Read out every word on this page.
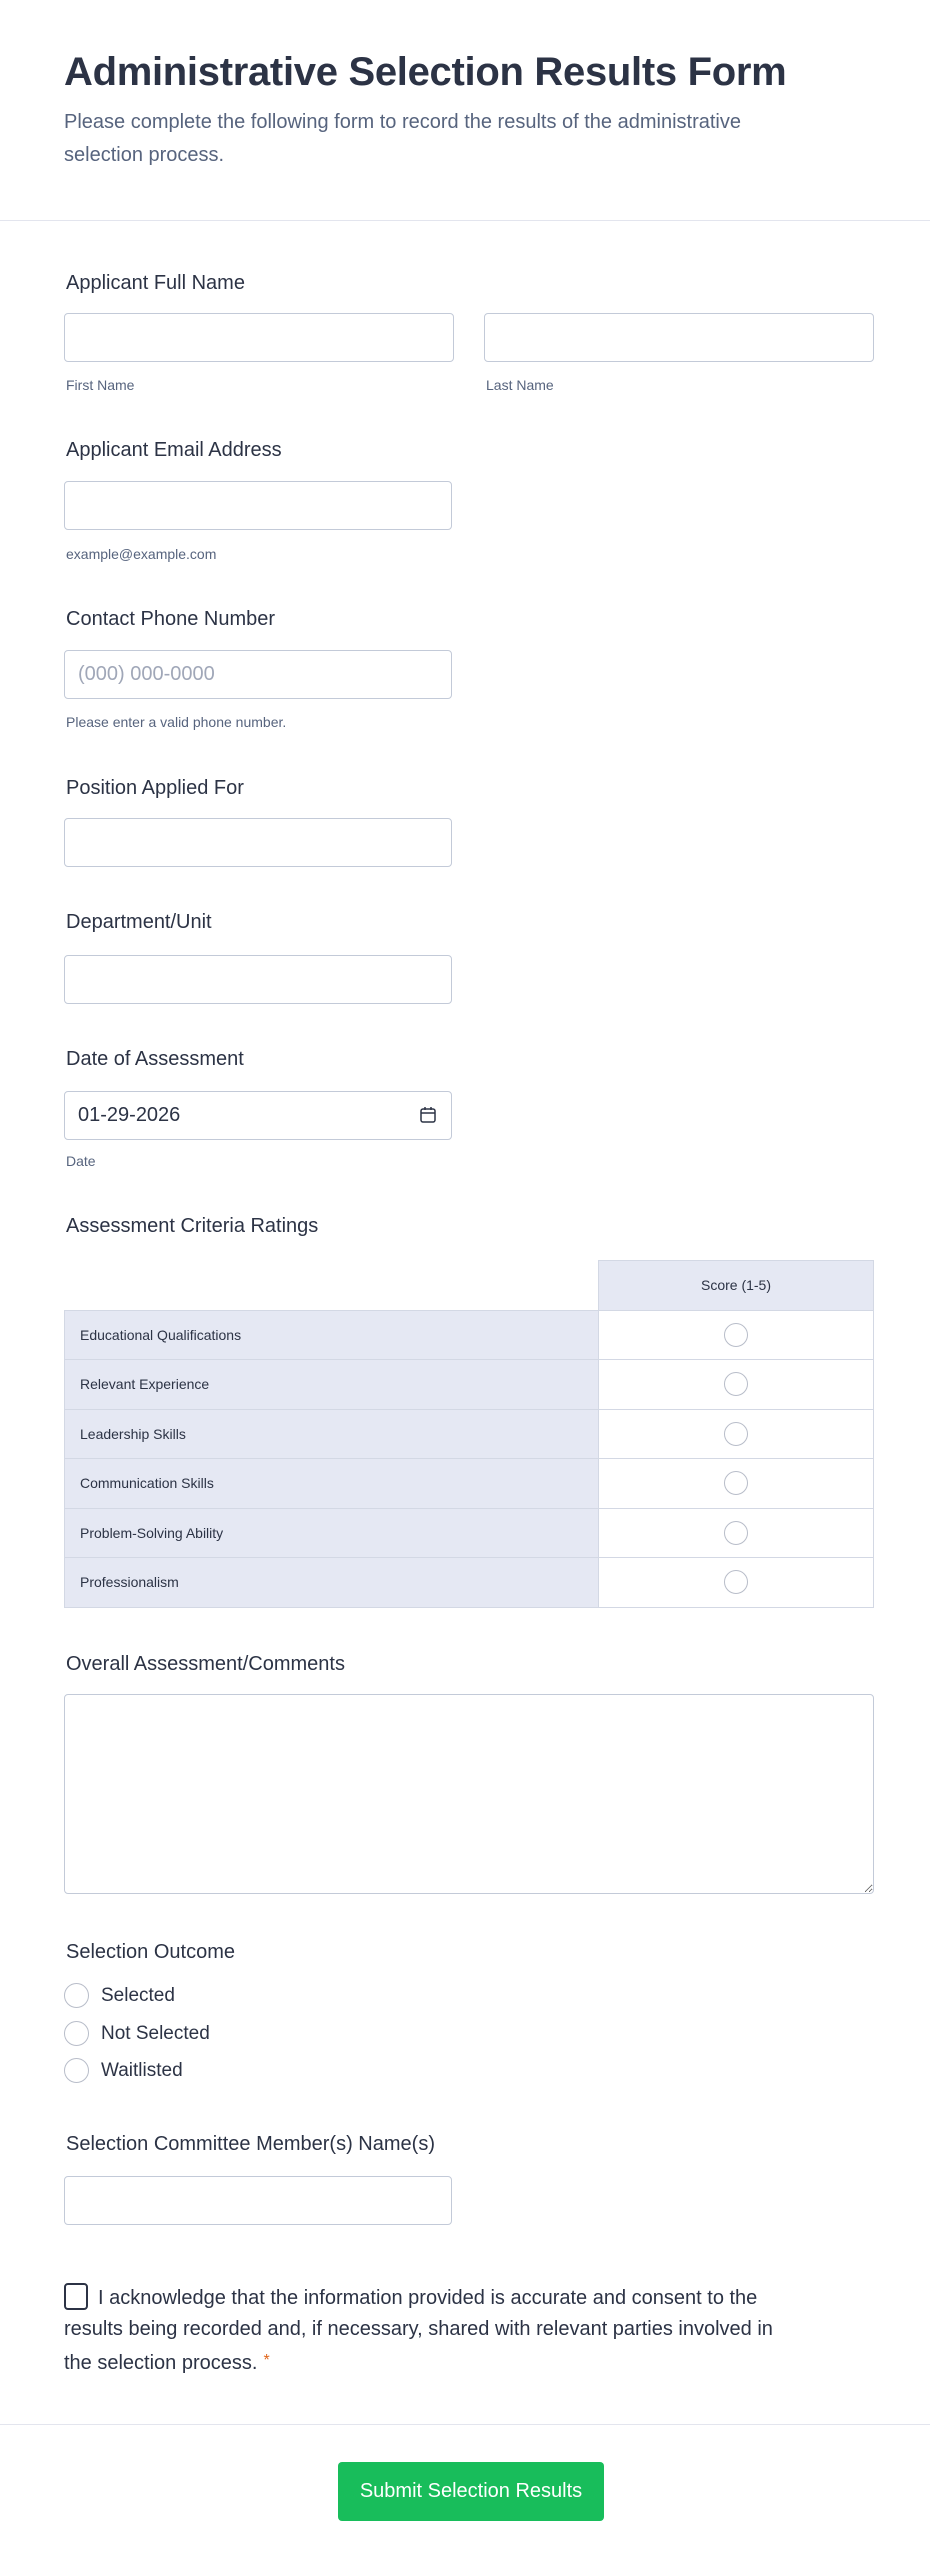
Administrative Selection Results Form

Please complete the following form to record the results of the administrative selection process.

Applicant Full Name
First Name	Last Name
Applicant Email Address
example@example.com
Contact Phone Number
(000) 000-0000
Please enter a valid phone number.
Position Applied For
Department/Unit
Date of Assessment
01-29-2026
Date
Assessment Criteria Ratings
	Score (1-5)
Educational Qualifications	
Relevant Experience	
Leadership Skills	
Communication Skills	
Problem-Solving Ability	
Professionalism	
Overall Assessment/Comments
Selection Outcome
Selected
Not Selected
Waitlisted
Selection Committee Member(s) Name(s)
I acknowledge that the information provided is accurate and consent to the results being recorded and, if necessary, shared with relevant parties involved in the selection process. *
Submit Selection Results
